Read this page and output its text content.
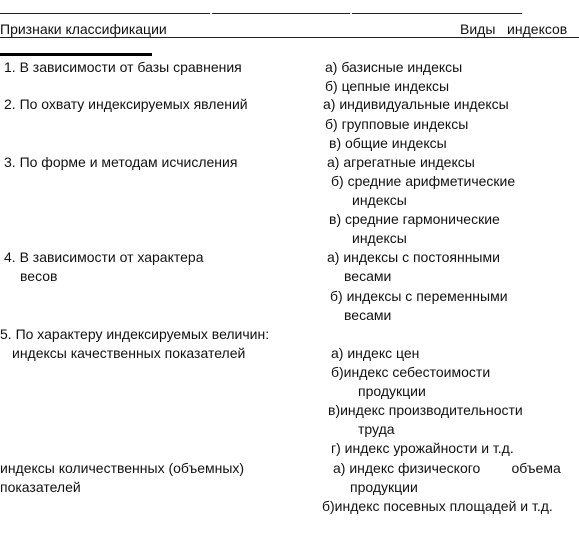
Признаки классификации	Виды   индексов
1. В зависимости от базы сравнения
2. По охвату индексируемых явлений
3. По форме и методам исчисления
4. В зависимости от характера
весов
5. По характеру индексируемых величин:
индексы качественных показателей
индексы количественных (объемных)
показателей
а) базисные индексы
б) цепные индексы
а) индивидуальные индексы
б) групповые индексы
в) общие индексы
а) агрегатные индексы
б) средние арифметические
индексы
в) средние гармонические
индексы
а) индексы с постоянными
весами
б) индексы с переменными
весами
а) индекс цен
б)индекс себестоимости
продукции
в)индекс производительности
труда
г) индекс урожайности и т.д.
а) индекс физического        объема
продукции
б)индекс посевных площадей и т.д.
